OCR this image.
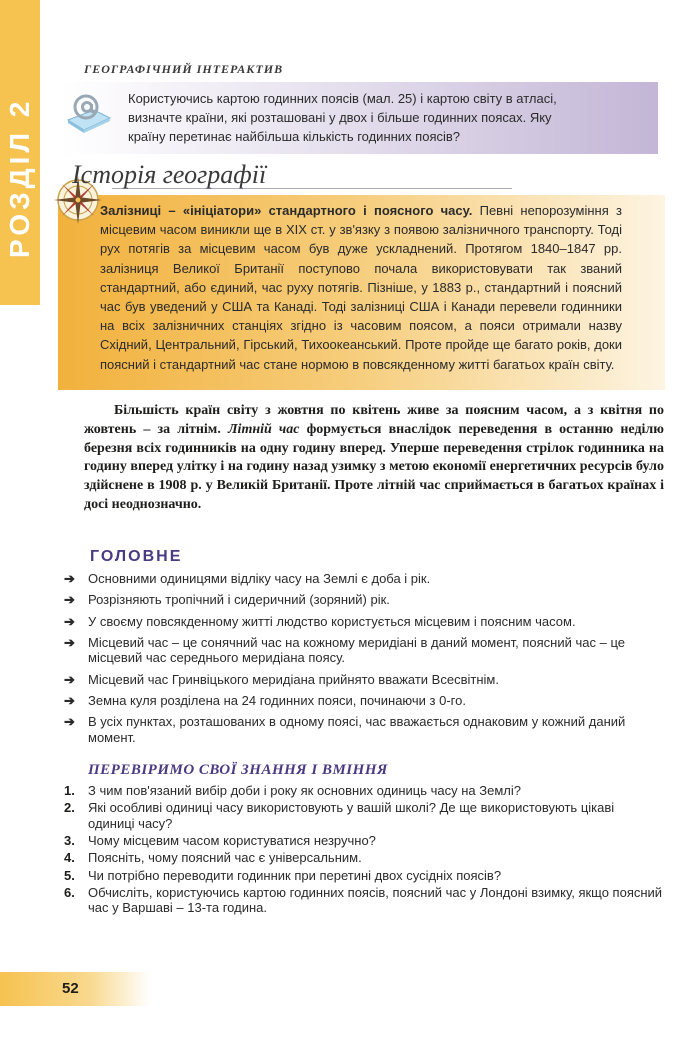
РОЗДІЛ 2
ГЕОГРАФІЧНИЙ ІНТЕРАКТИВ
Користуючись картою годинних поясів (мал. 25) і картою світу в атласі,
визначте країни, які розташовані у двох і більше годинних поясах. Яку
країну перетинає найбільша кількість годинних поясів?
Історія географії
Залізниці – «ініціатори» стандартного і поясного часу. Певні непорозуміння з місцевим часом виникли ще в XIX ст. у зв'язку з появою залізничного транспорту. Тоді рух потягів за місцевим часом був дуже ускладнений. Протягом 1840–1847 рр. залізниця Великої Британії поступово почала використовувати так званий стандартний, або єдиний, час руху потягів. Пізніше, у 1883 р., стандартний і поясний час був уведений у США та Канаді. Тоді залізниці США і Канади перевели годинники на всіх залізничних станціях згідно із часовим поясом, а пояси отримали назву Східний, Центральний, Гірський, Тихоокеанський. Проте пройде ще багато років, доки поясний і стандартний час стане нормою в повсякденному житті багатьох країн світу.
Більшість країн світу з жовтня по квітень живе за поясним часом, а з квітня по жовтень – за літнім. Літній час формується внаслідок переведення в останню неділю березня всіх годинників на одну годину вперед. Уперше переведення стрілок годинника на годину вперед улітку і на годину назад узимку з метою економії енергетичних ресурсів було здійснене в 1908 р. у Великій Британії. Проте літній час сприймається в багатьох країнах і досі неоднозначно.
ГОЛОВНЕ
➔ Основними одиницями відліку часу на Землі є доба і рік.
➔ Розрізняють тропічний і сидеричний (зоряний) рік.
➔ У своєму повсякденному житті людство користується місцевим і поясним часом.
➔ Місцевий час – це сонячний час на кожному меридіані в даний момент, поясний час – це місцевий час середнього меридіана поясу.
➔ Місцевий час Гринвіцького меридіана прийнято вважати Всесвітнім.
➔ Земна куля розділена на 24 годинних пояси, починаючи з 0-го.
➔ В усіх пунктах, розташованих в одному поясі, час вважається однаковим у кожний даний момент.
ПЕРЕВІРИМО СВОЇ ЗНАННЯ І ВМІННЯ
1. З чим пов'язаний вибір доби і року як основних одиниць часу на Землі?
2. Які особливі одиниці часу використовують у вашій школі? Де ще використовують цікаві одиниці часу?
3. Чому місцевим часом користуватися незручно?
4. Поясніть, чому поясний час є універсальним.
5. Чи потрібно переводити годинник при перетині двох сусідніх поясів?
6. Обчисліть, користуючись картою годинних поясів, поясний час у Лондоні взимку, якщо поясний час у Варшаві – 13-та година.
52
